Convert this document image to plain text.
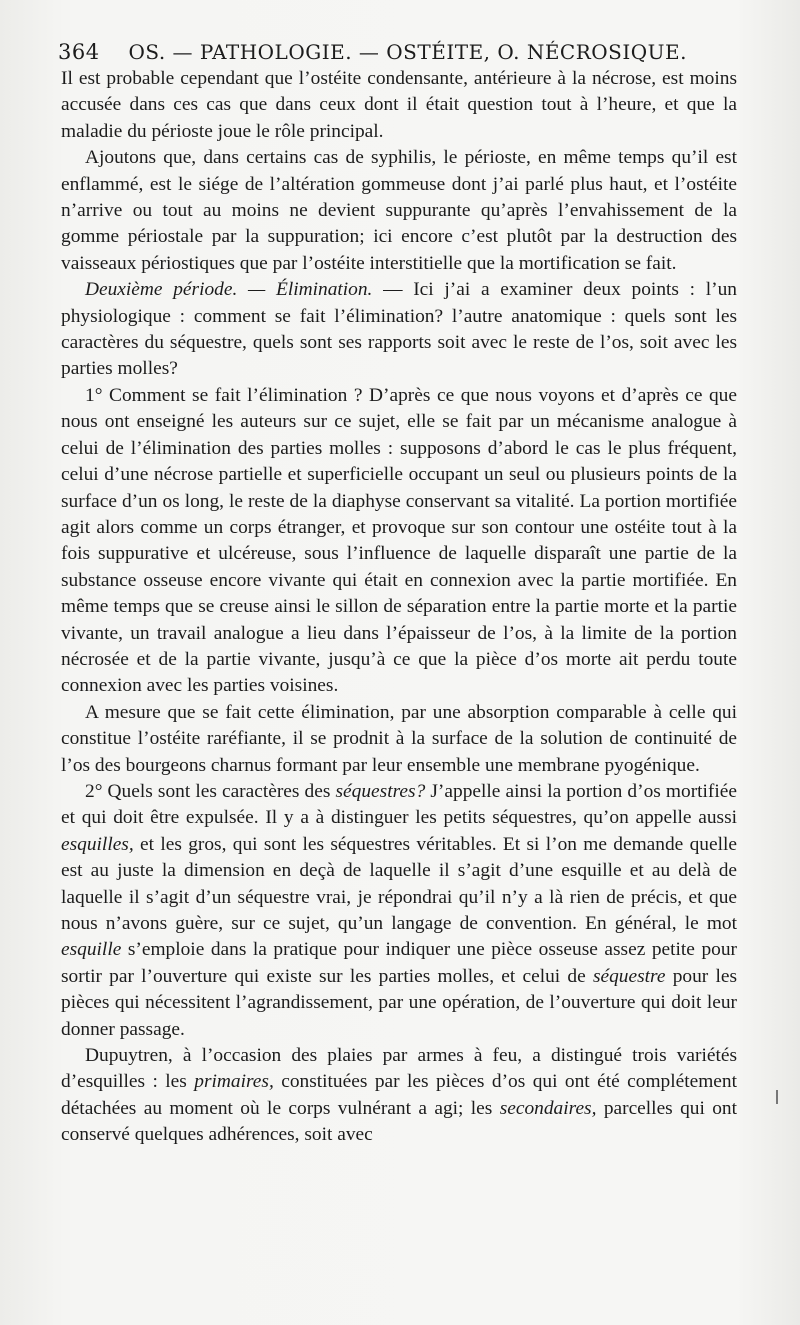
364 OS. — PATHOLOGIE. — OSTÉITE, O. NÉCROSIQUE.

Il est probable cependant que l’ostéite condensante, antérieure à la nécrose, est moins accusée dans ces cas que dans ceux dont il était question tout à l’heure, et que la maladie du périoste joue le rôle principal.

Ajoutons que, dans certains cas de syphilis, le périoste, en même temps qu’il est enflammé, est le siége de l’altération gommeuse dont j’ai parlé plus haut, et l’ostéite n’arrive ou tout au moins ne devient suppurante qu’après l’envahissement de la gomme périostale par la suppuration; ici encore c’est plutôt par la destruction des vaisseaux périostiques que par l’ostéite interstitielle que la mortification se fait.

Deuxième période. — Élimination. — Ici j’ai a examiner deux points : l’un physiologique : comment se fait l’élimination? l’autre anatomique : quels sont les caractères du séquestre, quels sont ses rapports soit avec le reste de l’os, soit avec les parties molles?

1° Comment se fait l’élimination ? D’après ce que nous voyons et d’après ce que nous ont enseigné les auteurs sur ce sujet, elle se fait par un mécanisme analogue à celui de l’élimination des parties molles : supposons d’abord le cas le plus fréquent, celui d’une nécrose partielle et superficielle occupant un seul ou plusieurs points de la surface d’un os long, le reste de la diaphyse conservant sa vitalité. La portion mortifiée agit alors comme un corps étranger, et provoque sur son contour une ostéite tout à la fois suppurative et ulcéreuse, sous l’influence de laquelle disparaît une partie de la substance osseuse encore vivante qui était en connexion avec la partie mortifiée. En même temps que se creuse ainsi le sillon de séparation entre la partie morte et la partie vivante, un travail analogue a lieu dans l’épaisseur de l’os, à la limite de la portion nécrosée et de la partie vivante, jusqu’à ce que la pièce d’os morte ait perdu toute connexion avec les parties voisines.

A mesure que se fait cette élimination, par une absorption comparable à celle qui constitue l’ostéite raréfiante, il se prodnit à la surface de la solution de continuité de l’os des bourgeons charnus formant par leur ensemble une membrane pyogénique.

2° Quels sont les caractères des séquestres? J’appelle ainsi la portion d’os mortifiée et qui doit être expulsée. Il y a à distinguer les petits séquestres, qu’on appelle aussi esquilles, et les gros, qui sont les séquestres véritables. Et si l’on me demande quelle est au juste la dimension en deçà de laquelle il s’agit d’une esquille et au delà de laquelle il s’agit d’un séquestre vrai, je répondrai qu’il n’y a là rien de précis, et que nous n’avons guère, sur ce sujet, qu’un langage de convention. En général, le mot esquille s’emploie dans la pratique pour indiquer une pièce osseuse assez petite pour sortir par l’ouverture qui existe sur les parties molles, et celui de séquestre pour les pièces qui nécessitent l’agrandissement, par une opération, de l’ouverture qui doit leur donner passage.

Dupuytren, à l’occasion des plaies par armes à feu, a distingué trois variétés d’esquilles : les primaires, constituées par les pièces d’os qui ont été complétement détachées au moment où le corps vulnérant a agi; les secondaires, parcelles qui ont conservé quelques adhérences, soit avec
